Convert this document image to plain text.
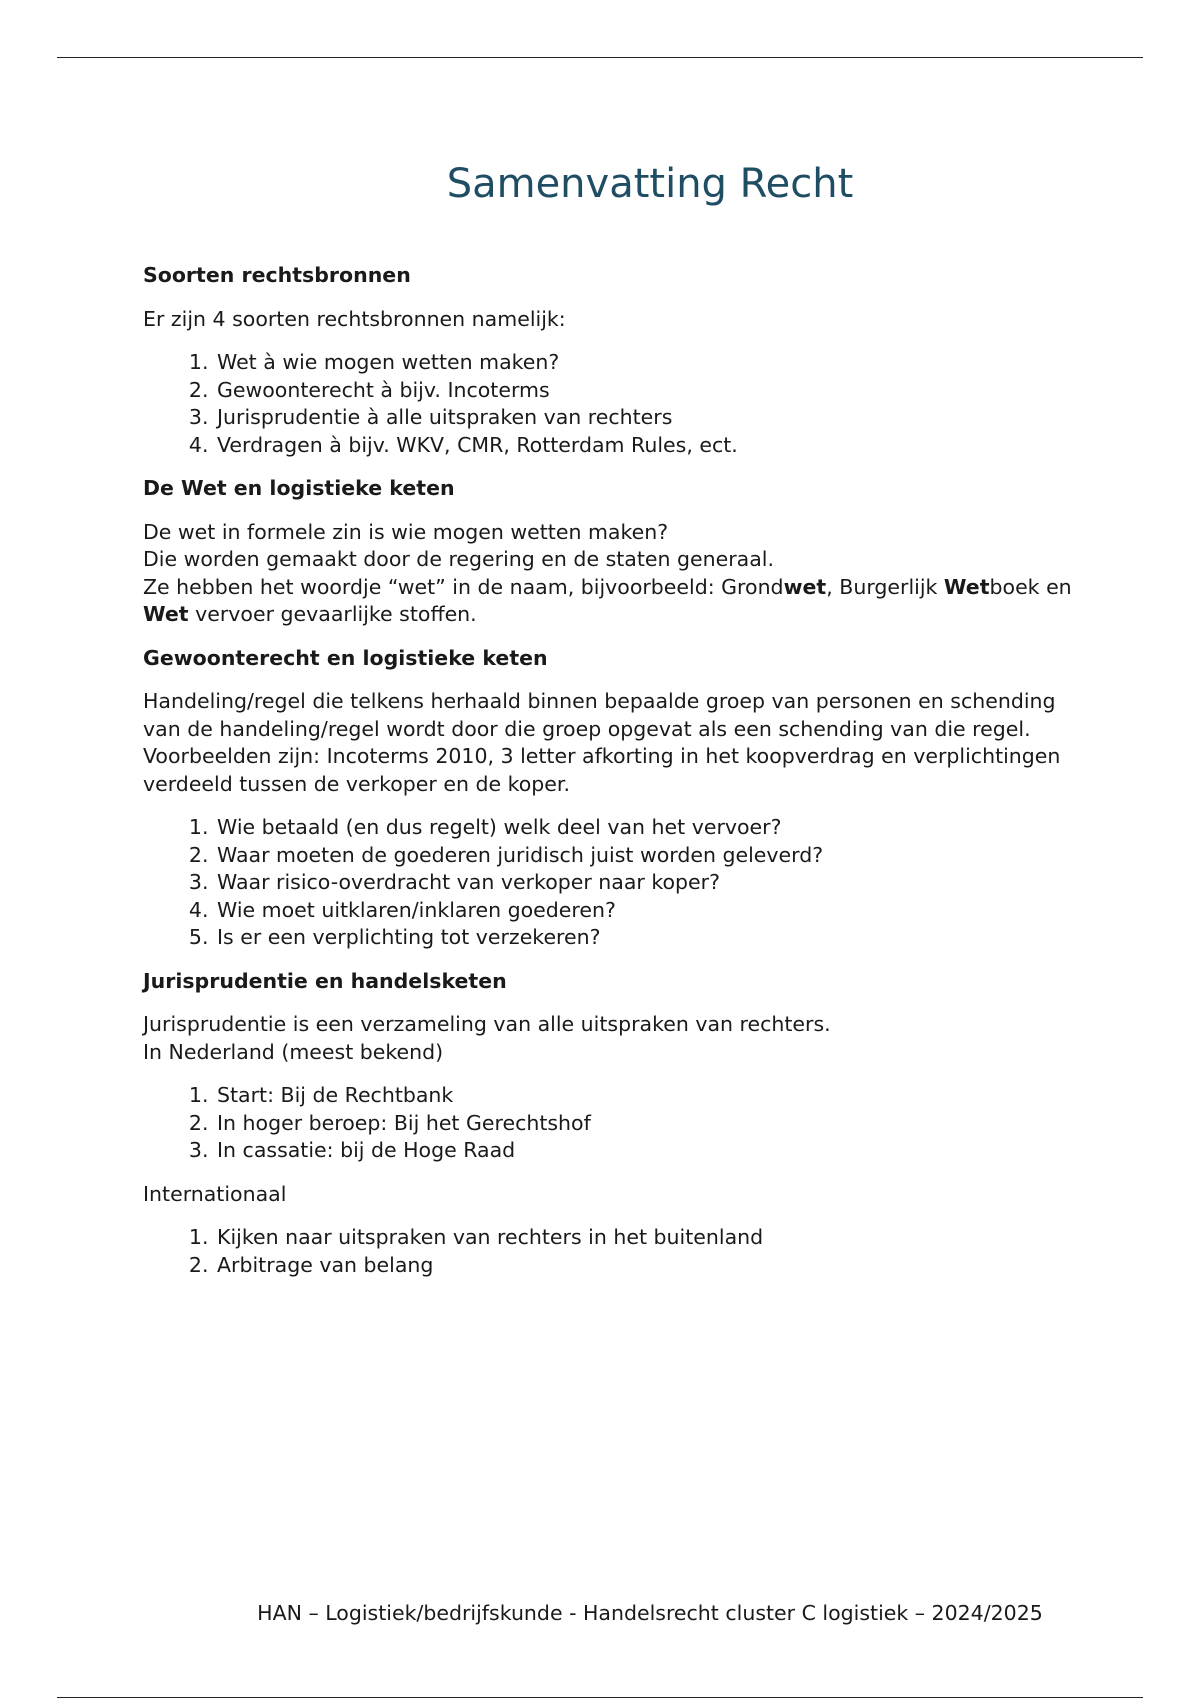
Samenvatting Recht
Soorten rechtsbronnen

Er zijn 4 soorten rechtsbronnen namelijk:

1. Wet à wie mogen wetten maken?
2. Gewoonterecht à bijv. Incoterms
3. Jurisprudentie à alle uitspraken van rechters
4. Verdragen à bijv. WKV, CMR, Rotterdam Rules, ect.
De Wet en logistieke keten

De wet in formele zin is wie mogen wetten maken?
Die worden gemaakt door de regering en de staten generaal.
Ze hebben het woordje “wet” in de naam, bijvoorbeeld: Grondwet, Burgerlijk Wetboek en Wet vervoer gevaarlijke stoffen.

Gewoonterecht en logistieke keten

Handeling/regel die telkens herhaald binnen bepaalde groep van personen en schending van de handeling/regel wordt door die groep opgevat als een schending van die regel. Voorbeelden zijn: Incoterms 2010, 3 letter afkorting in het koopverdrag en verplichtingen verdeeld tussen de verkoper en de koper.

1. Wie betaald (en dus regelt) welk deel van het vervoer?
2. Waar moeten de goederen juridisch juist worden geleverd?
3. Waar risico-overdracht van verkoper naar koper?
4. Wie moet uitklaren/inklaren goederen?
5. Is er een verplichting tot verzekeren?
Jurisprudentie en handelsketen

Jurisprudentie is een verzameling van alle uitspraken van rechters.
In Nederland (meest bekend)

1. Start: Bij de Rechtbank
2. In hoger beroep: Bij het Gerechtshof
3. In cassatie: bij de Hoge Raad

Internationaal

1. Kijken naar uitspraken van rechters in het buitenland
2. Arbitrage van belang
HAN – Logistiek/bedrijfskunde - Handelsrecht cluster C logistiek – 2024/2025
